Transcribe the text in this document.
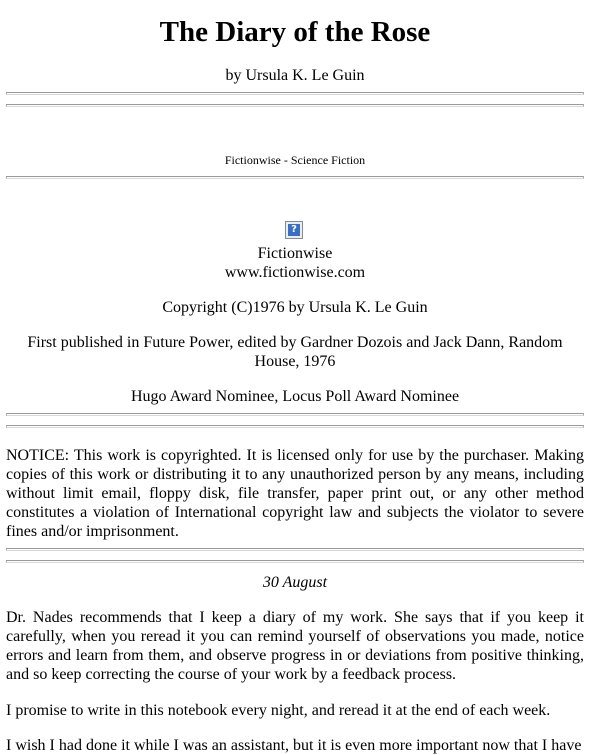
The Diary of the Rose
by Ursula K. Le Guin
Fictionwise - Science Fiction
?
Fictionwise
www.fictionwise.com
Copyright (C)1976 by Ursula K. Le Guin
First published in Future Power, edited by Gardner Dozois and Jack Dann, Random House, 1976
Hugo Award Nominee, Locus Poll Award Nominee

NOTICE: This work is copyrighted. It is licensed only for use by the purchaser. Making copies of this work or distributing it to any unauthorized person by any means, including without limit email, floppy disk, file transfer, paper print out, or any other method constitutes a violation of International copyright law and subjects the violator to severe fines and/or imprisonment.

30 August

Dr. Nades recommends that I keep a diary of my work. She says that if you keep it carefully, when you reread it you can remind yourself of observations you made, notice errors and learn from them, and observe progress in or deviations from positive thinking, and so keep correcting the course of your work by a feedback process.

I promise to write in this notebook every night, and reread it at the end of each week.

I wish I had done it while I was an assistant, but it is even more important now that I have
